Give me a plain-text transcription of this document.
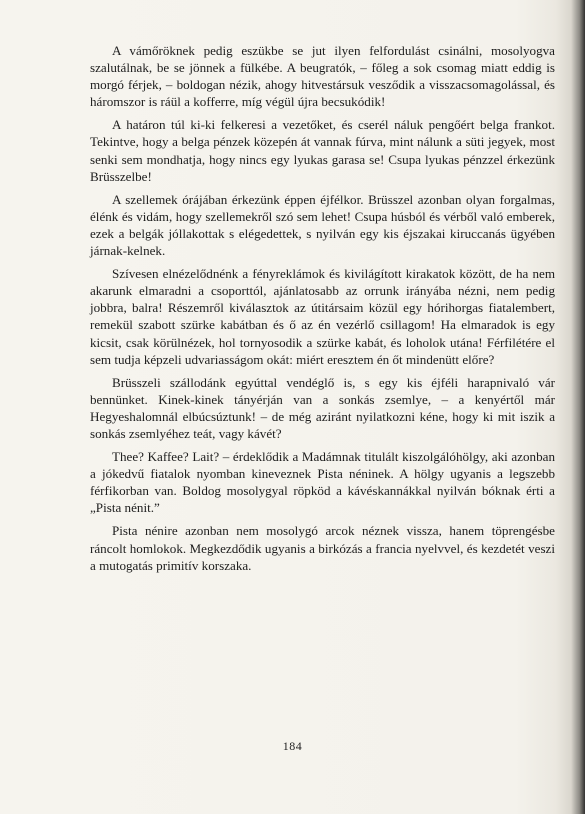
A vámőröknek pedig eszükbe se jut ilyen felfordulást csinálni, mosolyogva szalutálnak, be se jönnek a fülkébe. A beugratók, – főleg a sok csomag miatt eddig is morgó férjek, – boldogan nézik, ahogy hitvestársuk vesződik a visszacsomagolással, és háromszor is ráül a kofferre, míg végül újra becsukódik!

A határon túl ki-ki felkeresi a vezetőket, és cserél náluk pengőért belga frankot. Tekintve, hogy a belga pénzek közepén át vannak fúrva, mint nálunk a süti jegyek, most senki sem mondhatja, hogy nincs egy lyukas garasa se! Csupa lyukas pénzzel érkezünk Brüsszelbe!

A szellemek órájában érkezünk éppen éjfélkor. Brüsszel azonban olyan forgalmas, élénk és vidám, hogy szellemekről szó sem lehet! Csupa húsból és vérből való emberek, ezek a belgák jóllakottak s elégedettek, s nyilván egy kis éjszakai kiruccanás ügyében járnak-kelnek.

Szívesen elnézelődnénk a fényreklámok és kivilágított kirakatok között, de ha nem akarunk elmaradni a csoporttól, ajánlatosabb az orrunk irányába nézni, nem pedig jobbra, balra! Részemről kiválasztok az útitársaim közül egy hórihorgas fiatalembert, remekül szabott szürke kabátban és ő az én vezérlő csillagom! Ha elmaradok is egy kicsit, csak körülnézek, hol tornyosodik a szürke kabát, és loholok utána! Férfilétére el sem tudja képzeli udvariasságom okát: miért eresztem én őt mindenütt előre?

Brüsszeli szállodánk egyúttal vendéglő is, s egy kis éjféli harapnivaló vár bennünket. Kinek-kinek tányérján van a sonkás zsemlye, – a kenyértől már Hegyeshalomnál elbúcsúztunk! – de még aziránt nyilatkozni kéne, hogy ki mit iszik a sonkás zsemlyéhez teát, vagy kávét?

Thee? Kaffee? Lait? – érdeklődik a Madámnak titulált kiszolgálóhölgy, aki azonban a jókedvű fiatalok nyomban kineveznek Pista néninek. A hölgy ugyanis a legszebb férfikorban van. Boldog mosolygyal röpköd a kávéskannákkal nyilván bóknak érti a „Pista nénit.”

Pista nénire azonban nem mosolygó arcok néznek vissza, hanem töprengésbe ráncolt homlokok. Megkezdődik ugyanis a birkózás a francia nyelvvel, és kezdetét veszi a mutogatás primitív korszaka.

184
